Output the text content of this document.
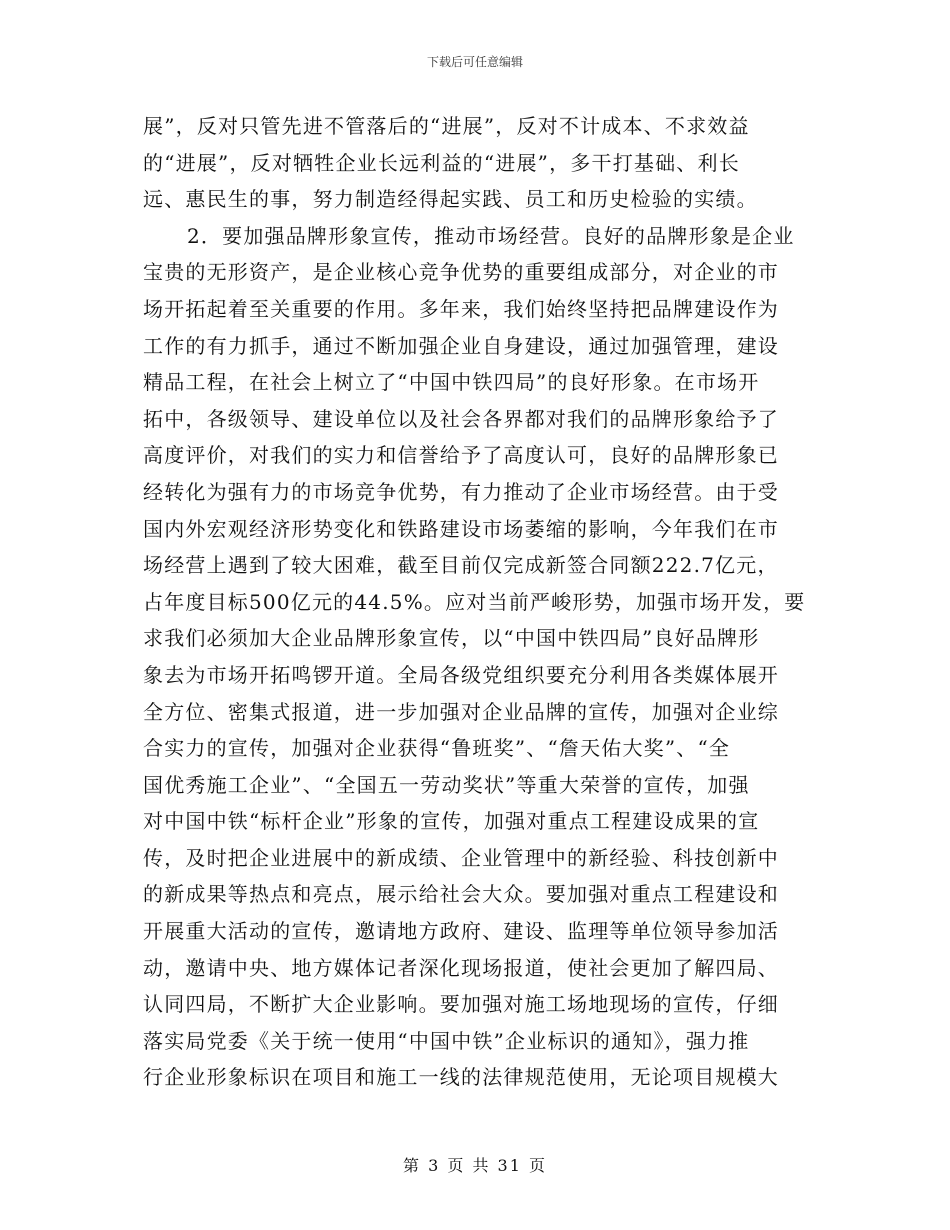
下载后可任意编辑
展”，反对只管先进不管落后的“进展”，反对不计成本、不求效益
的“进展”，反对牺牲企业长远利益的“进展”，多干打基础、利长
远、惠民生的事，努力制造经得起实践、员工和历史检验的实绩。
2．要加强品牌形象宣传，推动市场经营。良好的品牌形象是企业
宝贵的无形资产，是企业核心竞争优势的重要组成部分，对企业的市
场开拓起着至关重要的作用。多年来，我们始终坚持把品牌建设作为
工作的有力抓手，通过不断加强企业自身建设，通过加强管理，建设
精品工程，在社会上树立了“中国中铁四局”的良好形象。在市场开
拓中，各级领导、建设单位以及社会各界都对我们的品牌形象给予了
高度评价，对我们的实力和信誉给予了高度认可，良好的品牌形象已
经转化为强有力的市场竞争优势，有力推动了企业市场经营。由于受
国内外宏观经济形势变化和铁路建设市场萎缩的影响，今年我们在市
场经营上遇到了较大困难，截至目前仅完成新签合同额222.7亿元，
占年度目标500亿元的44.5%。应对当前严峻形势，加强市场开发，要
求我们必须加大企业品牌形象宣传，以“中国中铁四局”良好品牌形
象去为市场开拓鸣锣开道。全局各级党组织要充分利用各类媒体展开
全方位、密集式报道，进一步加强对企业品牌的宣传，加强对企业综
合实力的宣传，加强对企业获得“鲁班奖”、“詹天佑大奖”、“全
国优秀施工企业”、“全国五一劳动奖状”等重大荣誉的宣传，加强
对中国中铁“标杆企业”形象的宣传，加强对重点工程建设成果的宣
传，及时把企业进展中的新成绩、企业管理中的新经验、科技创新中
的新成果等热点和亮点，展示给社会大众。要加强对重点工程建设和
开展重大活动的宣传，邀请地方政府、建设、监理等单位领导参加活
动，邀请中央、地方媒体记者深化现场报道，使社会更加了解四局、
认同四局，不断扩大企业影响。要加强对施工场地现场的宣传，仔细
落实局党委《关于统一使用“中国中铁”企业标识的通知》，强力推
行企业形象标识在项目和施工一线的法律规范使用，无论项目规模大
第 3 页 共 31 页
